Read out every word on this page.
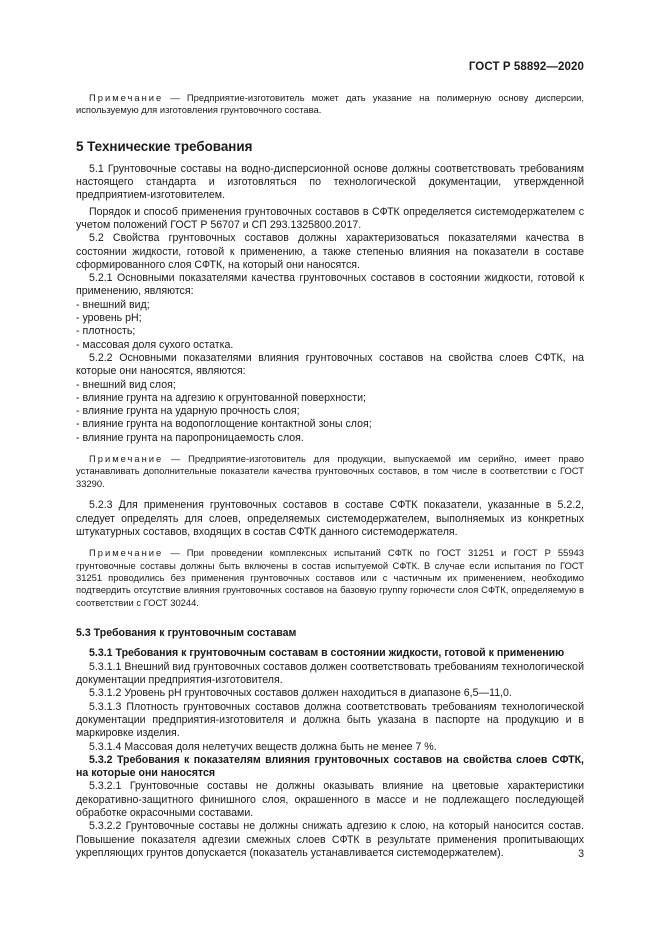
ГОСТ Р 58892—2020

Примечание — Предприятие-изготовитель может дать указание на полимерную основу дисперсии, используемую для изготовления грунтовочного состава.

5 Технические требования

5.1 Грунтовочные составы на водно-дисперсионной основе должны соответствовать требованиям настоящего стандарта и изготовляться по технологической документации, утвержденной предприятием-изготовителем.

Порядок и способ применения грунтовочных составов в СФТК определяется системодержателем с учетом положений ГОСТ Р 56707 и СП 293.1325800.2017.

5.2 Свойства грунтовочных составов должны характеризоваться показателями качества в состоянии жидкости, готовой к применению, а также степенью влияния на показатели в составе сформированного слоя СФТК, на который они наносятся.

5.2.1 Основными показателями качества грунтовочных составов в состоянии жидкости, готовой к применению, являются:

- внешний вид;

- уровень рН;

- плотность;

- массовая доля сухого остатка.

5.2.2 Основными показателями влияния грунтовочных составов на свойства слоев СФТК, на которые они наносятся, являются:

- внешний вид слоя;

- влияние грунта на адгезию к огрунтованной поверхности;

- влияние грунта на ударную прочность слоя;

- влияние грунта на водопоглощение контактной зоны слоя;

- влияние грунта на паропроницаемость слоя.

Примечание — Предприятие-изготовитель для продукции, выпускаемой им серийно, имеет право устанавливать дополнительные показатели качества грунтовочных составов, в том числе в соответствии с ГОСТ 33290.

5.2.3 Для применения грунтовочных составов в составе СФТК показатели, указанные в 5.2.2, следует определять для слоев, определяемых системодержателем, выполняемых из конкретных штукатурных составов, входящих в состав СФТК данного системодержателя.

Примечание — При проведении комплексных испытаний СФТК по ГОСТ 31251 и ГОСТ Р 55943 грунтовочные составы должны быть включены в состав испытуемой СФТК. В случае если испытания по ГОСТ 31251 проводились без применения грунтовочных составов или с частичным их применением, необходимо подтвердить отсутствие влияния грунтовочных составов на базовую группу горючести слоя СФТК, определяемую в соответствии с ГОСТ 30244.

5.3 Требования к грунтовочным составам

5.3.1 Требования к грунтовочным составам в состоянии жидкости, готовой к применению

5.3.1.1 Внешний вид грунтовочных составов должен соответствовать требованиям технологической документации предприятия-изготовителя.

5.3.1.2 Уровень рН грунтовочных составов должен находиться в диапазоне 6,5—11,0.

5.3.1.3 Плотность грунтовочных составов должна соответствовать требованиям технологической документации предприятия-изготовителя и должна быть указана в паспорте на продукцию и в маркировке изделия.

5.3.1.4 Массовая доля нелетучих веществ должна быть не менее 7 %.

5.3.2 Требования к показателям влияния грунтовочных составов на свойства слоев СФТК, на которые они наносятся

5.3.2.1 Грунтовочные составы не должны оказывать влияние на цветовые характеристики декоративно-защитного финишного слоя, окрашенного в массе и не подлежащего последующей обработке окрасочными составами.

5.3.2.2 Грунтовочные составы не должны снижать адгезию к слою, на который наносится состав. Повышение показателя адгезии смежных слоев СФТК в результате применения пропитывающих укрепляющих грунтов допускается (показатель устанавливается системодержателем).	3
